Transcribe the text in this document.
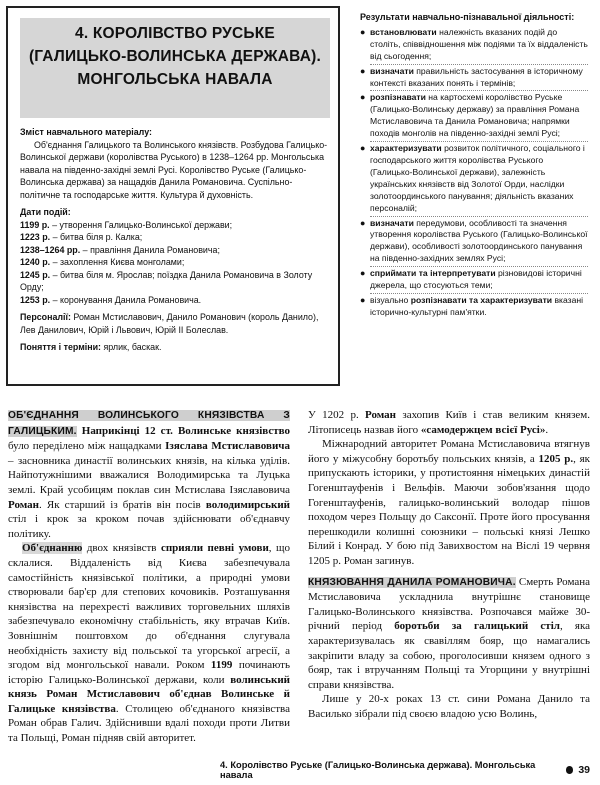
4. КОРОЛІВСТВО РУСЬКЕ
(ГАЛИЦЬКО-ВОЛИНСЬКА ДЕРЖАВА).
МОНГОЛЬСЬКА НАВАЛА

Зміст навчального матеріалу:

Об'єднання Галицького та Волинського князівств. Розбудова Галицько-Волинської держави (королівства Руського) в 1238–1264 рр. Монгольська навала на південно-західні землі Русі. Королівство Руське (Галицько-Волинська держава) за нащадків Данила Романовича. Суспільно-політичне та господарське життя. Культура й духовність.

Дати подій:

1199 р. – утворення Галицько-Волинської держави;

1223 р. – битва біля р. Калка;

1238–1264 рр. – правління Данила Романовича;

1240 р. – захоплення Києва монголами;

1245 р. – битва біля м. Ярослав; поїздка Данила Романовича в Золоту Орду;

1253 р. – коронування Данила Романовича.

Персоналії: Роман Мстиславович, Данило Романович (король Данило), Лев Данилович, Юрій і Львович, Юрій ІІ Болеслав.

Поняття і терміни: ярлик, баскак.

Результати навчально-пізнавальної діяльності:
● встановлювати належність вказаних подій до століть, співвідношення між подіями та їх віддаленість від сьогодення;
● визначати правильність застосування в історичному контексті вказаних понять і термінів;
● розпізнавати на картосхемі королівство Руське (Галицько-Волинську державу) за правління Романа Мстиславовича та Данила Романовича; напрямки походів монголів на південно-західні землі Русі;
● характеризувати розвиток політичного, соціального і господарського життя королівства Руського (Галицько-Волинської держави), залежність українських князівств від Золотої Орди, наслідки золотоординського панування; діяльність вказаних персоналій;
● визначати передумови, особливості та значення утворення королівства Руського (Галицько-Волинської держави), особливості золотоординського панування на південно-західних землях Русі;
● сприймати та інтерпретувати різновидові історичні джерела, що стосуються теми;
● візуально розпізнавати та характеризувати вказані історично-культурні пам'ятки.

ОБ'ЄДНАННЯ ВОЛИНСЬКОГО КНЯЗІВСТВА З ГАЛИЦЬКИМ. Наприкінці 12 ст. Волинське князівство було переділено між нащадками Ізяслава Мстиславовича – засновника династії волинських князів, на кілька уділів. Найпотужнішими вважалися Володимирська та Луцька землі. Край усобицям поклав син Мстислава Ізяславовича Роман. Як старший із братів він посів володимирський стіл і крок за кроком почав здійснювати об'єднавчу політику.

Об'єднанню двох князівств сприяли певні умови, що склалися. Віддаленість від Києва забезпечувала самостійність князівської політики, а природні умови створювали бар'єр для степових кочовиків. Розташування князівства на перехресті важливих торговельних шляхів забезпечувало економічну стабільність, яку втрачав Київ. Зовнішнім поштовхом до об'єднання слугувала необхідність захисту від польської та угорської агресії, а згодом від монгольської навали. Роком 1199 починають історію Галицько-Волинської держави, коли волинський князь Роман Мстиславович об'єднав Волинське й Галицьке князівства. Столицею об'єднаного князівства Роман обрав Галич. Здійснивши вдалі походи проти Литви та Польщі, Роман підняв свій авторитет.

У 1202 р. Роман захопив Київ і став великим князем. Літописець назвав його «самодержцем всієї Русі».

Міжнародний авторитет Романа Мстиславовича втягнув його у міжусобну боротьбу польських князів, а 1205 р., як припускають історики, у протистояння німецьких династій Гогенштауфенів і Вельфів. Маючи зобов'язання щодо Гогенштауфенів, галицько-волинський володар пішов походом через Польщу до Саксонії. Проте його просування перешкодили колишні союзники – польські князі Лешко Білий і Конрад. У бою під Завихвостом на Віслі 19 червня 1205 р. Роман загинув.

КНЯЗЮВАННЯ ДАНИЛА РОМАНОВИЧА. Смерть Романа Мстиславовича ускладнила внутрішнє становище Галицько-Волинського князівства. Розпочався майже 30-річний період боротьби за галицький стіл, яка характеризувалась як свавіллям бояр, що намагались закріпити владу за собою, проголосивши князем одного з бояр, так і втручанням Польщі та Угорщини у внутрішні справи князівства.

Лише у 20-х роках 13 ст. сини Романа Данило та Василько зібрали під своєю владою усю Волинь,

4. Королівство Руське (Галицько-Волинська держава). Монгольська навала	39
